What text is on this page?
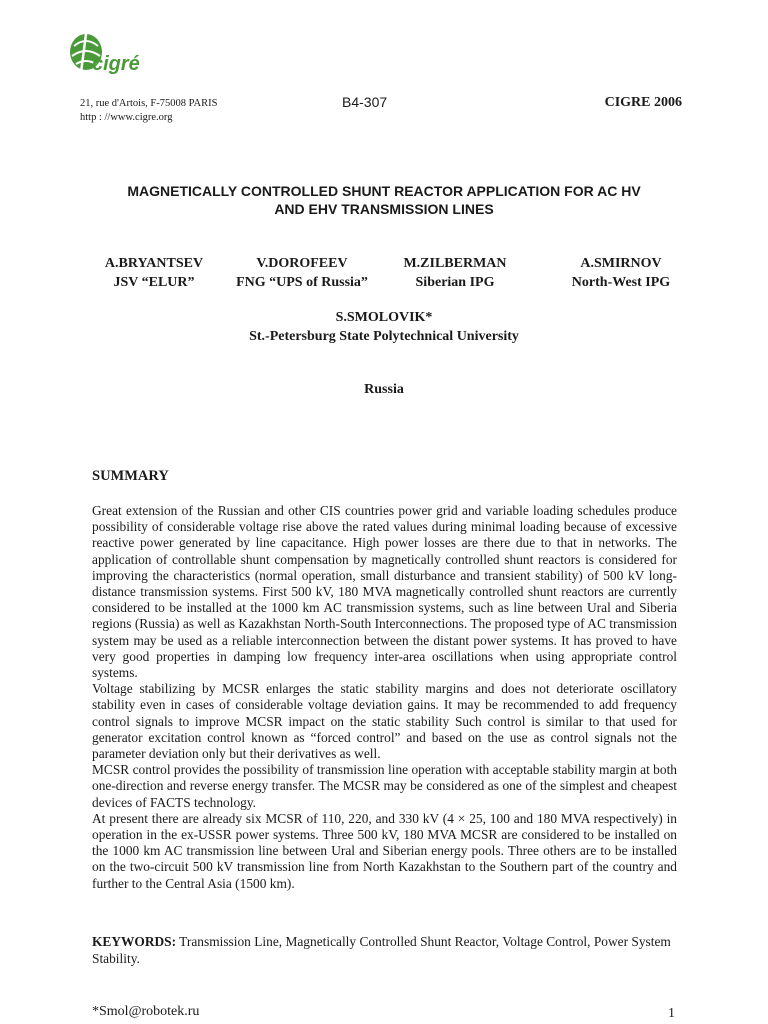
cigré
21, rue d'Artois, F-75008 PARIS
http : //www.cigre.org
B4-307	CIGRE 2006
MAGNETICALLY CONTROLLED SHUNT REACTOR APPLICATION FOR AC HV
AND EHV TRANSMISSION LINES
A.BRYANTSEV
JSV “ELUR”
V.DOROFEEV
FNG “UPS of Russia”
M.ZILBERMAN
Siberian IPG
A.SMIRNOV
North-West IPG
S.SMOLOVIK*
St.-Petersburg State Polytechnical University
Russia
SUMMARY

Great extension of the Russian and other CIS countries power grid and variable loading schedules produce possibility of considerable voltage rise above the rated values during minimal loading because of excessive reactive power generated by line capacitance. High power losses are there due to that in networks. The application of controllable shunt compensation by magnetically controlled shunt reactors is considered for improving the characteristics (normal operation, small disturbance and transient stability) of 500 kV long-distance transmission systems. First 500 kV, 180 MVA magnetically controlled shunt reactors are currently considered to be installed at the 1000 km AC transmission systems, such as line between Ural and Siberia regions (Russia) as well as Kazakhstan North-South Interconnections. The proposed type of AC transmission system may be used as a reliable interconnection between the distant power systems. It has proved to have very good properties in damping low frequency inter-area oscillations when using appropriate control systems.

Voltage stabilizing by MCSR enlarges the static stability margins and does not deteriorate oscillatory stability even in cases of considerable voltage deviation gains. It may be recommended to add frequency control signals to improve MCSR impact on the static stability Such control is similar to that used for generator excitation control known as “forced control” and based on the use as control signals not the parameter deviation only but their derivatives as well.

MCSR control provides the possibility of transmission line operation with acceptable stability margin at both one-direction and reverse energy transfer. The MCSR may be considered as one of the simplest and cheapest devices of FACTS technology.

At present there are already six MCSR of 110, 220, and 330 kV (4 × 25, 100 and 180 MVA respectively) in operation in the ex-USSR power systems. Three 500 kV, 180 MVA MCSR are considered to be installed on the 1000 km AC transmission line between Ural and Siberian energy pools. Three others are to be installed on the two-circuit 500 kV transmission line from North Kazakhstan to the Southern part of the country and further to the Central Asia (1500 km).

KEYWORDS: Transmission Line, Magnetically Controlled Shunt Reactor, Voltage Control, Power System Stability.
*Smol@robotek.ru	1
